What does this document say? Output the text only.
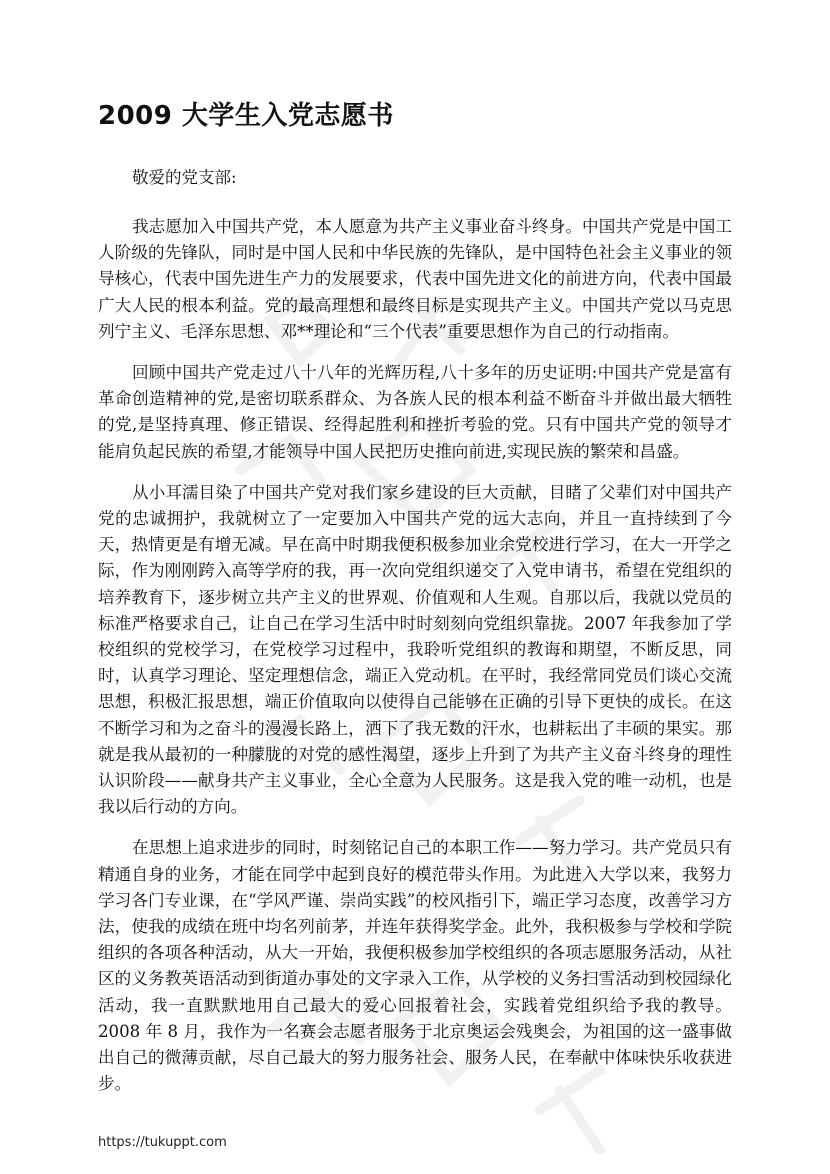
2009 大学生入党志愿书

敬爱的党支部:

我志愿加入中国共产党，本人愿意为共产主义事业奋斗终身。中国共产党是中国工人阶级的先锋队，同时是中国人民和中华民族的先锋队，是中国特色社会主义事业的领导核心，代表中国先进生产力的发展要求，代表中国先进文化的前进方向，代表中国最广大人民的根本利益。党的最高理想和最终目标是实现共产主义。中国共产党以马克思列宁主义、毛泽东思想、邓**理论和“三个代表”重要思想作为自己的行动指南。

回顾中国共产党走过八十八年的光辉历程,八十多年的历史证明:中国共产党是富有革命创造精神的党,是密切联系群众、为各族人民的根本利益不断奋斗并做出最大牺牲的党,是坚持真理、修正错误、经得起胜利和挫折考验的党。只有中国共产党的领导才能肩负起民族的希望,才能领导中国人民把历史推向前进,实现民族的繁荣和昌盛。

从小耳濡目染了中国共产党对我们家乡建设的巨大贡献，目睹了父辈们对中国共产党的忠诚拥护，我就树立了一定要加入中国共产党的远大志向，并且一直持续到了今天，热情更是有增无减。早在高中时期我便积极参加业余党校进行学习，在大一开学之际，作为刚刚跨入高等学府的我，再一次向党组织递交了入党申请书，希望在党组织的培养教育下，逐步树立共产主义的世界观、价值观和人生观。自那以后，我就以党员的标准严格要求自己，让自己在学习生活中时时刻刻向党组织靠拢。2007 年我参加了学校组织的党校学习，在党校学习过程中，我聆听党组织的教诲和期望，不断反思，同时，认真学习理论、坚定理想信念，端正入党动机。在平时，我经常同党员们谈心交流思想，积极汇报思想，端正价值取向以使得自己能够在正确的引导下更快的成长。在这不断学习和为之奋斗的漫漫长路上，洒下了我无数的汗水，也耕耘出了丰硕的果实。那就是我从最初的一种朦胧的对党的感性渴望，逐步上升到了为共产主义奋斗终身的理性认识阶段——献身共产主义事业，全心全意为人民服务。这是我入党的唯一动机，也是我以后行动的方向。

在思想上追求进步的同时，时刻铭记自己的本职工作——努力学习。共产党员只有精通自身的业务，才能在同学中起到良好的模范带头作用。为此进入大学以来，我努力学习各门专业课，在“学风严谨、崇尚实践”的校风指引下，端正学习态度，改善学习方法，使我的成绩在班中均名列前茅，并连年获得奖学金。此外，我积极参与学校和学院组织的各项各种活动，从大一开始，我便积极参加学校组织的各项志愿服务活动，从社区的义务教英语活动到街道办事处的文字录入工作，从学校的义务扫雪活动到校园绿化活动，我一直默默地用自己最大的爱心回报着社会，实践着党组织给予我的教导。2008 年 8 月，我作为一名赛会志愿者服务于北京奥运会残奥会，为祖国的这一盛事做出自己的微薄贡献，尽自己最大的努力服务社会、服务人民，在奉献中体味快乐收获进步。

https://tukuppt.com
